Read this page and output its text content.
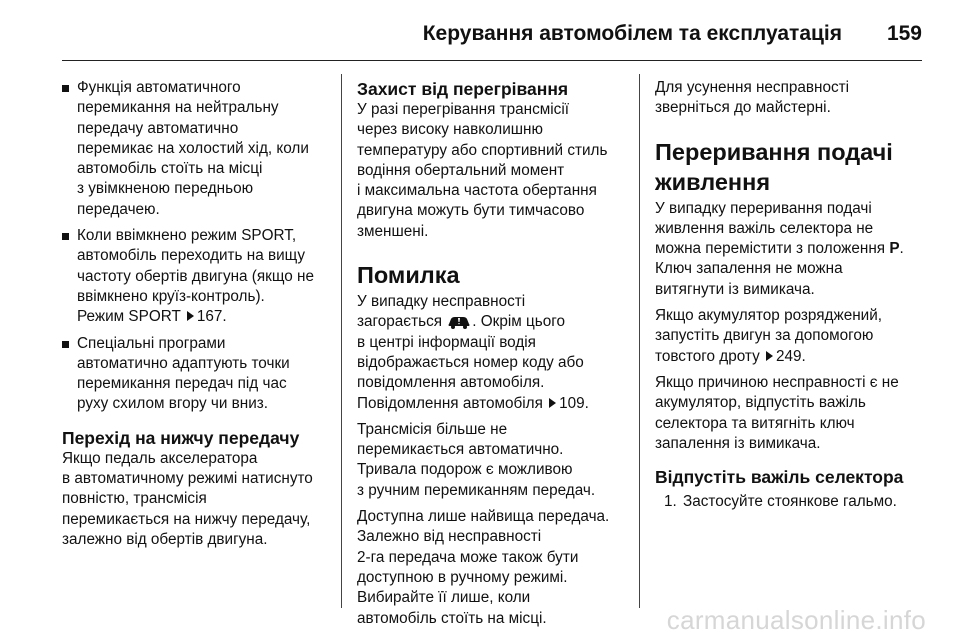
Керування автомобілем та експлуатація 159
Функція автоматичного
перемикання на нейтральну
передачу автоматично
перемикає на холостий хід, коли
автомобіль стоїть на місці
з увімкненою передньою
передачею.
Коли ввімкнено режим SPORT,
автомобіль переходить на вищу
частоту обертів двигуна (якщо не
ввімкнено круїз-контроль).
Режим SPORT 167.
Спеціальні програми
автоматично адаптують точки
перемикання передач під час
руху схилом вгору чи вниз.
Перехід на нижчу передачу

Якщо педаль акселератора
в автоматичному режимі натиснуто
повністю, трансмісія
перемикається на нижчу передачу,
залежно від обертів двигуна.

Захист від перегрівання

У разі перегрівання трансмісії
через високу навколишню
температуру або спортивний стиль
водіння обертальний момент
і максимальна частота обертання
двигуна можуть бути тимчасово
зменшені.

Помилка

У випадку несправності
загорається . Окрім цього
в центрі інформації водія
відображається номер коду або
повідомлення автомобіля.
Повідомлення автомобіля 109.

Трансмісія більше не
перемикається автоматично.
Тривала подорож є можливою
з ручним перемиканням передач.

Доступна лише найвища передача.
Залежно від несправності
2-га передача може також бути
доступною в ручному режимі.
Вибирайте її лише, коли
автомобіль стоїть на місці.

Для усунення несправності
зверніться до майстерні.

Переривання подачі
живлення

У випадку переривання подачі
живлення важіль селектора не
можна перемістити з положення P.
Ключ запалення не можна
витягнути із вимикача.

Якщо акумулятор розряджений,
запустіть двигун за допомогою
товстого дроту 249.

Якщо причиною несправності є не
акумулятор, відпустіть важіль
селектора та витягніть ключ
запалення із вимикача.

Відпустіть важіль селектора
1. Застосуйте стоянкове гальмо.
carmanualsonline.info
